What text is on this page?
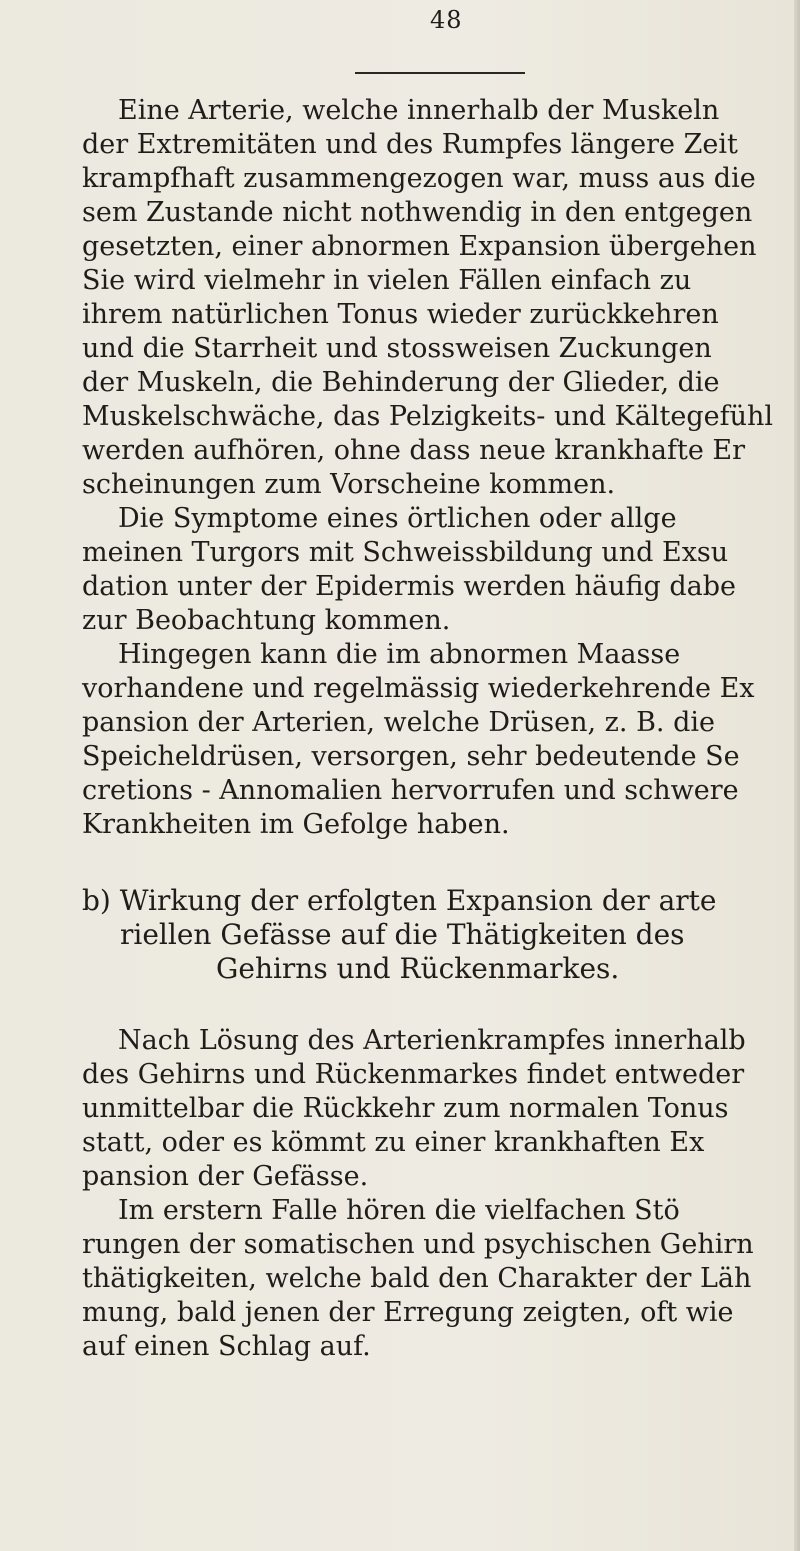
48
Eine Arterie, welche innerhalb der Muskeln
der Extremitäten und des Rumpfes längere Zeit
krampfhaft zusammengezogen war, muss aus die
sem Zustande nicht nothwendig in den entgegen
gesetzten, einer abnormen Expansion übergehen
Sie wird vielmehr in vielen Fällen einfach zu
ihrem natürlichen Tonus wieder zurückkehren
und die Starrheit und stossweisen Zuckungen
der Muskeln, die Behinderung der Glieder, die
Muskelschwäche, das Pelzigkeits- und Kältegefühl
werden aufhören, ohne dass neue krankhafte Er
scheinungen zum Vorscheine kommen.
Die Symptome eines örtlichen oder allge
meinen Turgors mit Schweissbildung und Exsu
dation unter der Epidermis werden häufig dabe
zur Beobachtung kommen.
Hingegen kann die im abnormen Maasse
vorhandene und regelmässig wiederkehrende Ex
pansion der Arterien, welche Drüsen, z. B. die
Speicheldrüsen, versorgen, sehr bedeutende Se
cretions - Annomalien hervorrufen und schwere
Krankheiten im Gefolge haben.
b) Wirkung der erfolgten Expansion der arte
riellen Gefässe auf die Thätigkeiten des
Gehirns und Rückenmarkes.
Nach Lösung des Arterienkrampfes innerhalb
des Gehirns und Rückenmarkes findet entweder
unmittelbar die Rückkehr zum normalen Tonus
statt, oder es kömmt zu einer krankhaften Ex
pansion der Gefässe.
Im erstern Falle hören die vielfachen Stö
rungen der somatischen und psychischen Gehirn
thätigkeiten, welche bald den Charakter der Läh
mung, bald jenen der Erregung zeigten, oft wie
auf einen Schlag auf.
